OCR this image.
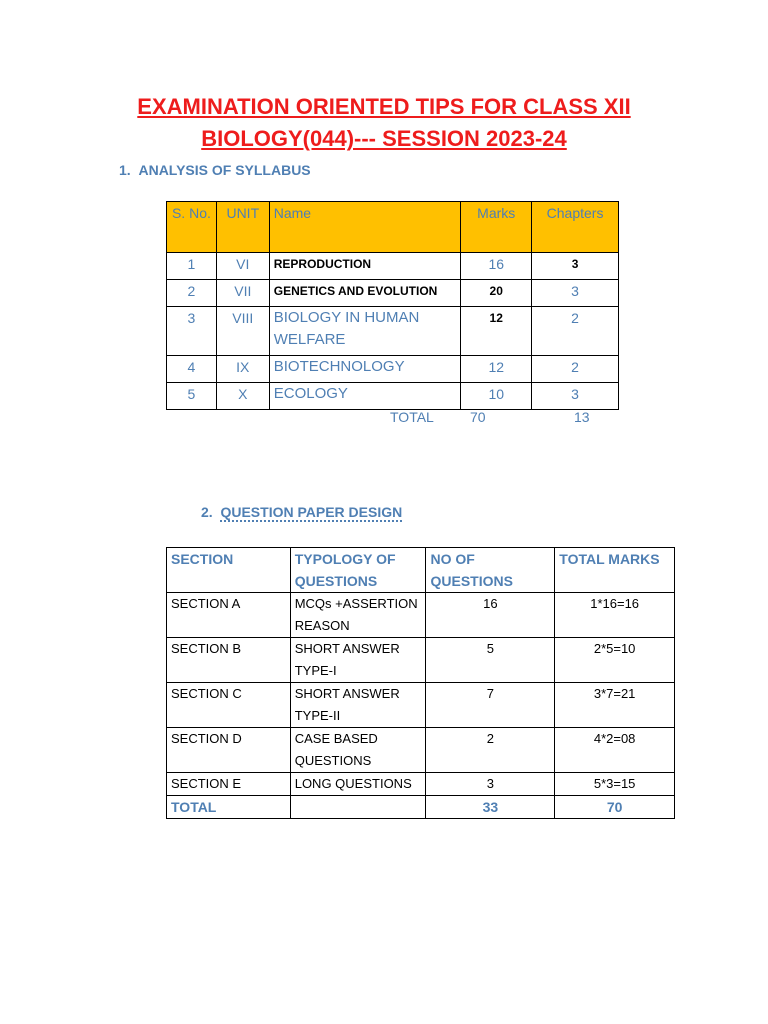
EXAMINATION ORIENTED TIPS FOR CLASS XII
BIOLOGY(044)--- SESSION 2023-24
1. ANALYSIS OF SYLLABUS
S. No.	UNIT	Name	Marks	Chapters
1	VI	REPRODUCTION	16	3
2	VII	GENETICS AND EVOLUTION	20	3
3	VIII	BIOLOGY IN HUMAN WELFARE	12	2
4	IX	BIOTECHNOLOGY	12	2
5	X	ECOLOGY	10	3
TOTAL	70	13
2. QUESTION PAPER DESIGN
SECTION	TYPOLOGY OF QUESTIONS	NO OF QUESTIONS	TOTAL MARKS
SECTION A	MCQs +ASSERTION REASON	16	1*16=16
SECTION B	SHORT ANSWER TYPE-I	5	2*5=10
SECTION C	SHORT ANSWER TYPE-II	7	3*7=21
SECTION D	CASE BASED QUESTIONS	2	4*2=08
SECTION E	LONG QUESTIONS	3	5*3=15
TOTAL		33	70
